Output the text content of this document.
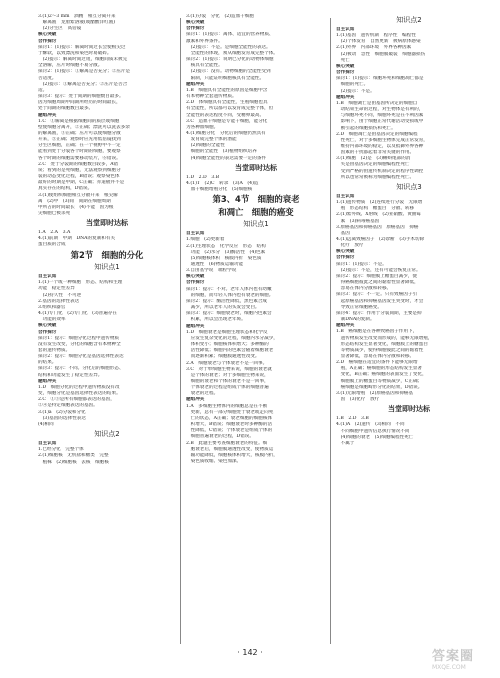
3.(1)2～3 mm　酒精　相互分离开来
　解离液　龙胆紫溶液(或醋酸洋红液)
　(2)分生区　高倍镜
核心突破
合作探讨
探讨1：(1)提示：解离时间过长会使根尖过
于酥软，以致漂洗和染色时易破碎。
　(2)提示：解离时间过短，细胞间质未被完
全溶解，压片时细胞不易分散。
探讨2：(1)提示：①解离是否充分；②压片是
否适度。
　(2)提示：①解离是否充分；②压片是否合
适。
探讨3：提示：处于间期的细胞数目最多。
因为细胞周期中间期所经历的时间最长，
处于间期的细胞数目最多。
题组冲关
1.C　①解离是根据细胞间的质层或细胞
壁使细胞分离开，②正确；漂洗可以洗去多余
的解离液，③正确；压片可以使细胞分散
开来，⑤正确；观察时应先用低倍镜找到
分生区细胞，正确；在一个视野中不一定
能看到处于分裂各个时期的细胞，要观察
各个时期的细胞需要移动装片，⑥错误。
2.C　处于分裂期的细胞数目较多，A错
误；看到的是死细胞，无法观察到细胞分
裂的动态变化过程，B错误；观察染色体
最好的时期是中期，C正确；赤道板并不是
真实存在的结构，D错误。
3.(1)使组织细胞相互分散开来　根尖解
离　(2)中　(3)间　间期在细胞周期
中所占的时间最长　(4)不能　因为根
尖细胞已被杀死
当堂即时达标
1.A　2.A　3.A
4.(1)前期　中期　DNA的复制和有关
蛋白质的合成
第2节　细胞的分化
知识点1
自主认知
1.(1)一个或一种细胞　形态、结构和生理
功能　稳定性差异
　(2)持久性　不可逆
2.基因的选择性表达
3.组织和器官
4.(1)专门化　(2)专门化　(3)普遍存在
　功能的效率
核心突破
合作探讨
探讨1：提示：细胞分化过程中遗传物质
没有发生改变，分化的细胞含有本物种全
套的遗传物质。
探讨2：提示：细胞分化是基因选择性表达
的结果。
探讨3：提示：不同。分化后的细胞形态、
结构和功能发生了稳定性差异。
题组冲关
1.D　细胞分化的过程中遗传物质没有改
变，细胞分化是基因选择性表达的结果。
2.C　①③是所有细胞都表达的基因，
②④是特定细胞表达的基因。
3.(1)a　(2)分裂和分化
　(3)基因的选择性表达
(4)相同
知识点2
自主认知
1.已经分化　完整个体
2.(1)细胞核　无机盐和糖类　完整
　植株　(2)细胞核　去核　细胞核
3.(1)分裂　分化　(2)造血干细胞
核心突破
合作探讨
探讨1：(1)提示：离体、适宜的营养物质、
激素和外界条件。
　(2)提示：不是。是细胞全能性的表达。
　全能性的体现，须从细胞发育成完整个体。
探讨2：(1)提示：说明已分化的动物体细胞
　核具有全能性。
　(2)提示：没有。动物细胞的全能性受到
　限制，只能证明细胞核具有全能性。
题组冲关
1.B　细胞具有全能性的原因是细胞中含
有本物种全套遗传物质。
2.D　体细胞具有全能性，生殖细胞也具
有全能性，所以都可以发育成完整个体，但
全能性的表达程度不同，受精卵最高。
3.C　造血干细胞是专能干细胞，能分化
为各种血细胞。
4.(1)细胞分化　分化后的细胞仍然具有
　发育成完整个体的潜能
　(2)细胞的全能性
　细胞的全能性　(3)植物组织培养
　(4)细胞全能性的表达需要一定的条件
当堂即时达标
1.D　2.D　3.B
4.(1)T　(2)C　转录　(3)A　(4)造
　血干细胞增殖分化　(5)细胞核
第3、4节　细胞的衰老
和凋亡　细胞的癌变
知识点1
自主认知
1.细胞　(2)更新着
2.(1)生理状态　化学反应　形态　结构
　功能　(2)水分　(3)酶活性　(4)色素
　(5)细胞核体积　核膜内折　染色质
　通透性　(6)物质运输功能
3.自由基学说　端粒学说
核心突破
合作探讨
探讨1：提示：不对。老年人体内也有幼嫩
　的细胞，而年轻人体内也有衰老的细胞。
探讨2：提示：酶活性降低，黑色素合成
　减少，所以老年人的头发会变白。
探讨3：提示：细胞衰老时，细胞内色素会
　积累，所以会出现老年斑。
题组冲关
1.D　细胞衰老是细胞生理状态和化学反
　应发生复杂变化的过程，细胞内水分减少，
　体积变小；细胞核体积增大；多种酶的
　活性降低；细胞内的色素会随着细胞衰老
　而逐渐积累；细胞膜通透性改变。
2.A　细胞衰老与个体衰老不是一回事。
3.C　对于单细胞生物来说，细胞的衰老就
　是个体的衰老；对于多细胞生物来说，
　细胞的衰老和个体的衰老不是一回事，
　个体衰老的过程是组成个体的细胞普遍
　衰老的过程。
题组冲关
1.A　多细胞生物体内的细胞总是在不断
　更新，总有一部分细胞处于衰老或走向死
　亡的状态，A正确；衰老细胞的细胞核体
　积增大，B错误；细胞衰老时多种酶的活
　性降低，C错误；个体衰老是组成个体的
　细胞普遍衰老的过程，D错误。
2.B　此题主要考查细胞衰老的特征。细
　胞衰老后，细胞膜通透性改变，使物质运
　输功能降低，细胞核体积增大，核膜内折，
　染色质收缩、染色加深。
知识点2
自主认知
1.(1)基因　遗传机制　程序性　编程性
　(2)个体发育　自然更新　被病原体感染
2.(1)外界　内部环境　外界各种因素
　(2)被动　急性　细胞膜破裂　细胞器损伤
　死亡
核心突破
合作探讨
探讨1：(1)提示：细胞坏死和细胞凋亡都是
　细胞的死亡。
　(2)提示：不是。
题组冲关
1.B　细胞凋亡是由基因所决定的细胞自
　动结束生命的过程，对生物体是有利的，
　与细胞坏死不同，细胞坏死是在不利因素
　影响下，由于细胞正常代谢活动受损或中
　断引起的细胞损伤和死亡。
2.D　细胞凋亡是由基因决定的细胞编程
　性死亡，对于多细胞生物体完成正常发育，
　维持内部环境的稳定，以及抵御外界各种
　因素的干扰都起着非常关键的作用。
3.(1)细胞　(2)是　(3)蝌蚪尾部的消
　失是由基因决定的细胞编程性死亡
　受到严格的由遗传机制决定的程序性调控
　所以也常常被称为细胞编程性死亡。
知识点3
自主认知
1.(1)遗传物质　(2)连续进行分裂　无限增
　殖　形态结构　糖蛋白　分散、转移
2.(1)紫外线、X射线　(2)亚硝酸、黄曲霉
　素　(3)病毒癌基因
3.原癌基因和抑癌基因　原癌基因　抑癌
　基因
4.(1)远离致癌因子　(2)诊断　(3)手术切除
　化疗　放疗
核心突破
合作探讨
探讨1：(1)提示：不是。
　(2)提示：不是，还有可能会恢复正常。
探讨2：提示：细胞膜上糖蛋白减少，使
　得癌细胞彼此之间的黏着性显著降低，
　容易在体内分散和转移。
探讨3：提示：不一定。只有致癌因子引
　起原癌基因和抑癌基因发生突变时，才会
　导致正常细胞癌变。
探讨4：提示：作用于分裂间期，主要是抑
　制DNA的复制。
题组冲关
1.B　癌细胞是在各种致癌因子作用下，
　遗传物质发生改变而形成的，能够无限增殖，
　形态结构发生显著变化，细胞膜上的糖蛋白
　等物质减少，使得细胞彼此之间的黏着性
　显著降低，容易在体内分散和转移。
2.D　癌细胞在适宜的条件下能够无限增
　殖，A正确；癌细胞的形态结构发生显著
　变化，B正确；癌细胞的表面发生了变化，
　细胞膜上的糖蛋白等物质减少，C正确；
　癌细胞是细胞畸形分化的结果，D错误。
3.(1)无限增殖　(2)原癌基因和抑癌基
　因　(3)化疗　放疗
当堂即时达标
1.B　2.D　3.B
4.(1)A　(2)遗传　(3)相同　不同
　不同细胞中遗传信息执行情况不同
　(4)细胞的衰老　(5)细胞编程性死亡
　不属于
· 142 ·	答案圈
MXQE.COM
